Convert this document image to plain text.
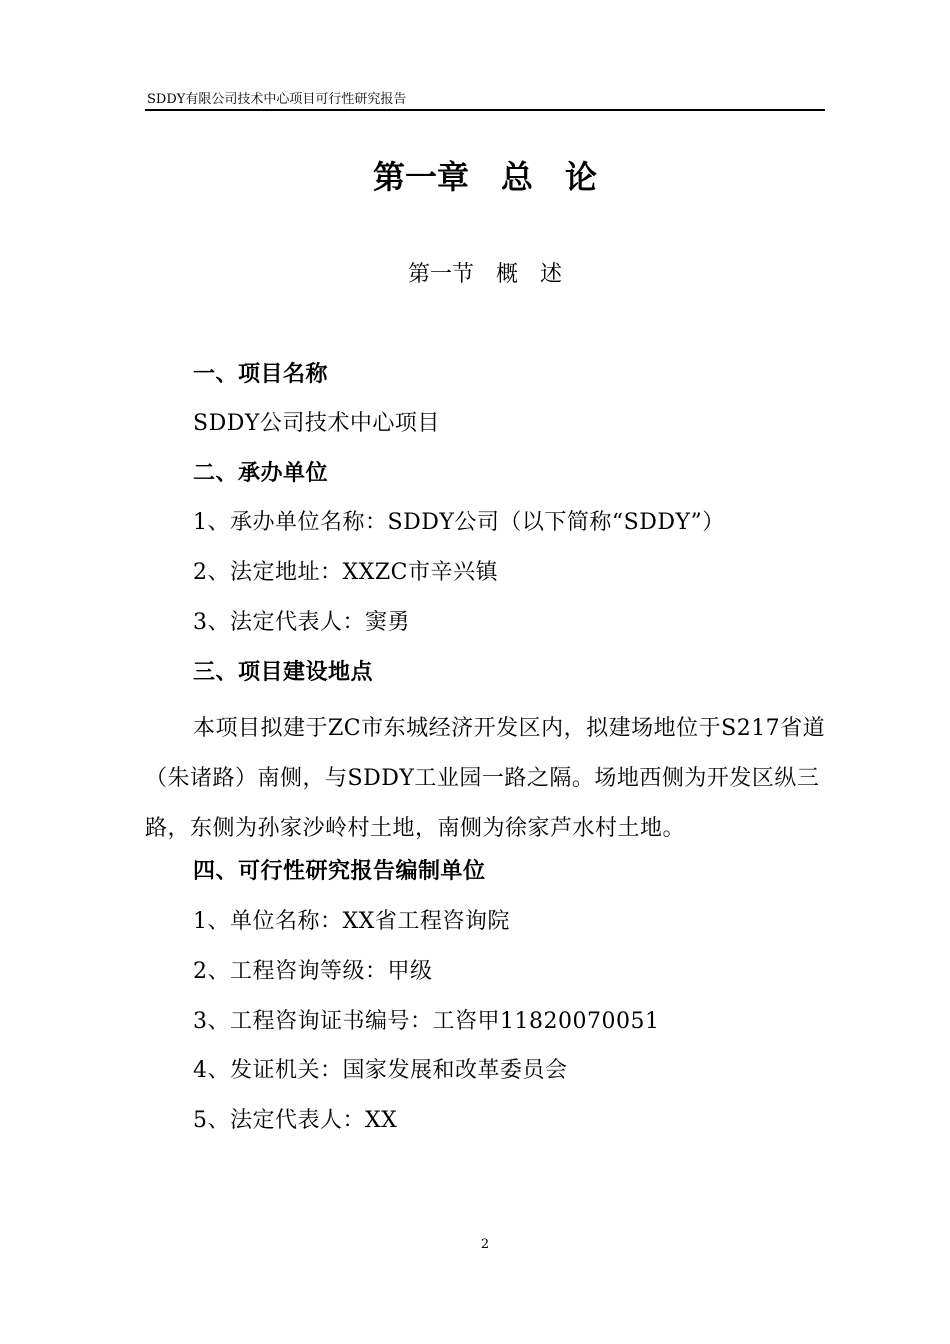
SDDY有限公司技术中心项目可行性研究报告
第一章　总　论
第一节　概　述
一、项目名称
SDDY公司技术中心项目
二、承办单位
1、承办单位名称：SDDY公司（以下简称“SDDY”）
2、法定地址：XXZC市辛兴镇
3、法定代表人：窦勇
三、项目建设地点
本项目拟建于ZC市东城经济开发区内，拟建场地位于S217省道（朱诸路）南侧，与SDDY工业园一路之隔。场地西侧为开发区纵三路，东侧为孙家沙岭村土地，南侧为徐家芦水村土地。
四、可行性研究报告编制单位
1、单位名称：XX省工程咨询院
2、工程咨询等级：甲级
3、工程咨询证书编号：工咨甲11820070051
4、发证机关：国家发展和改革委员会
5、法定代表人：XX
2
